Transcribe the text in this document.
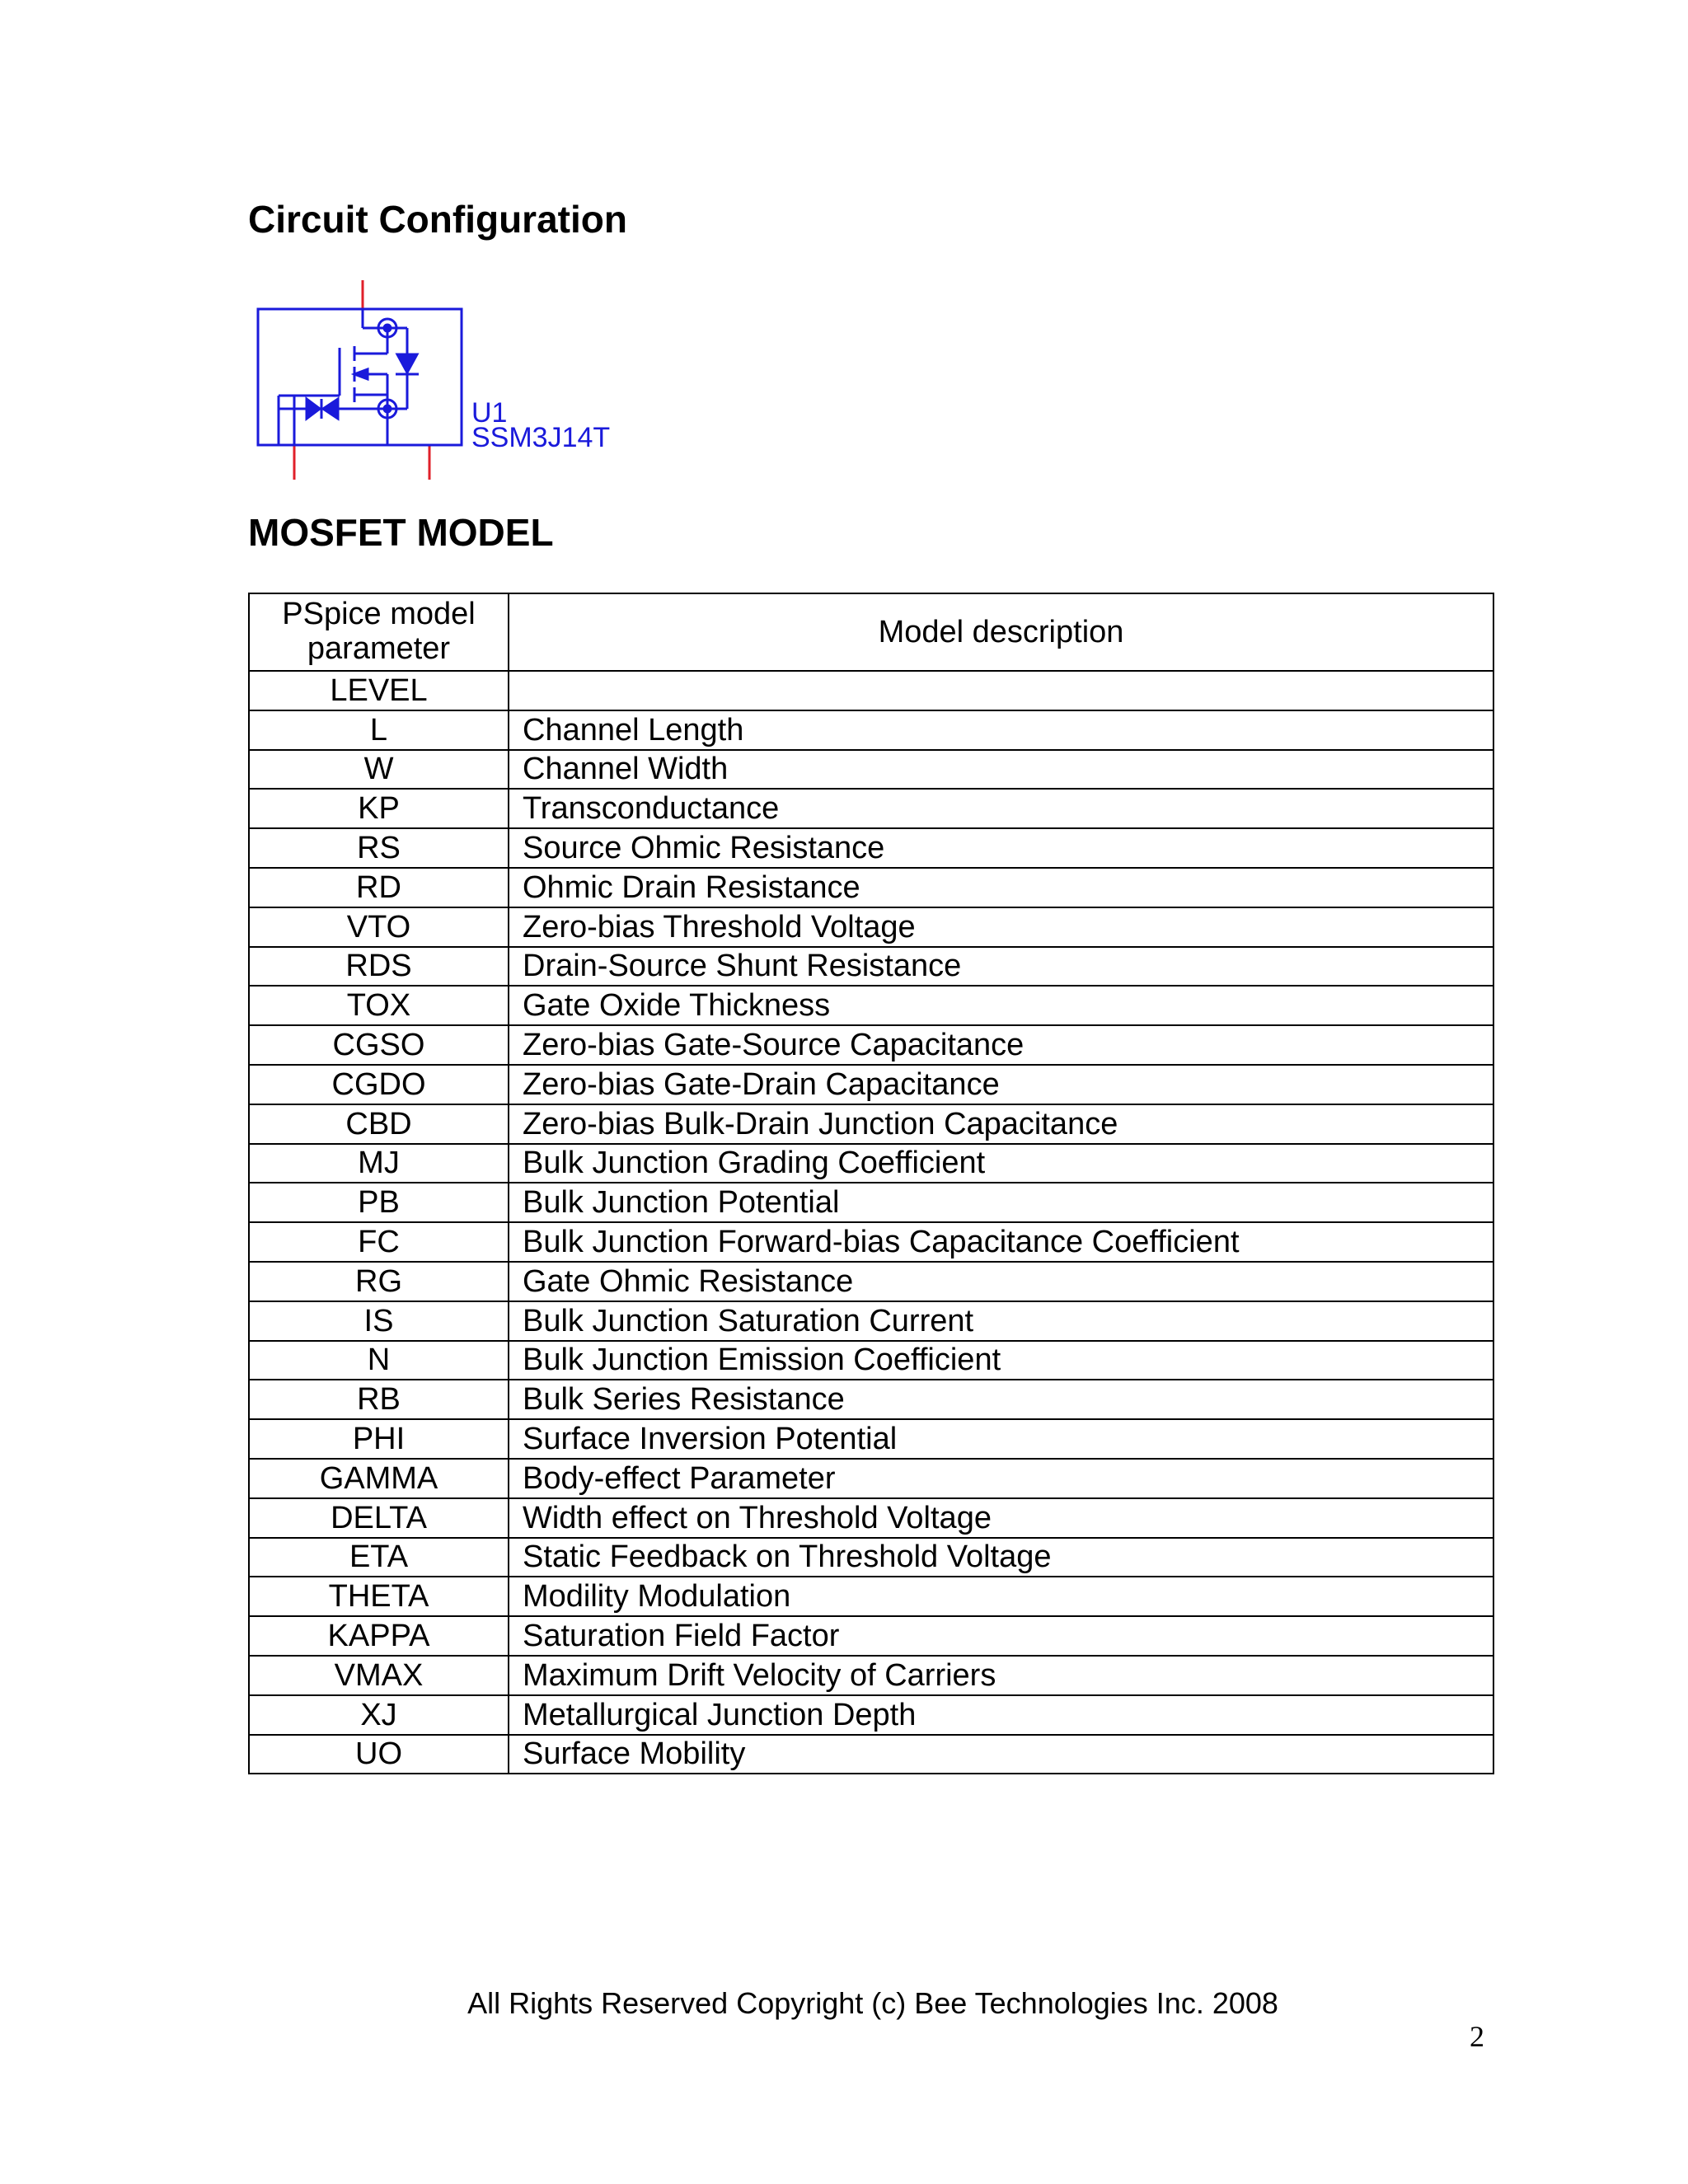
Circuit Configuration
U1
SSM3J14T
MOSFET MODEL
PSpice model
parameter	Model description
LEVEL	
L	Channel Length
W	Channel Width
KP	Transconductance
RS	Source Ohmic Resistance
RD	Ohmic Drain Resistance
VTO	Zero-bias Threshold Voltage
RDS	Drain-Source Shunt Resistance
TOX	Gate Oxide Thickness
CGSO	Zero-bias Gate-Source Capacitance
CGDO	Zero-bias Gate-Drain Capacitance
CBD	Zero-bias Bulk-Drain Junction Capacitance
MJ	Bulk Junction Grading Coefficient
PB	Bulk Junction Potential
FC	Bulk Junction Forward-bias Capacitance Coefficient
RG	Gate Ohmic Resistance
IS	Bulk Junction Saturation Current
N	Bulk Junction Emission Coefficient
RB	Bulk Series Resistance
PHI	Surface Inversion Potential
GAMMA	Body-effect Parameter
DELTA	Width effect on Threshold Voltage
ETA	Static Feedback on Threshold Voltage
THETA	Modility Modulation
KAPPA	Saturation Field Factor
VMAX	Maximum Drift Velocity of Carriers
XJ	Metallurgical Junction Depth
UO	Surface Mobility
All Rights Reserved Copyright (c) Bee Technologies Inc. 2008
2
